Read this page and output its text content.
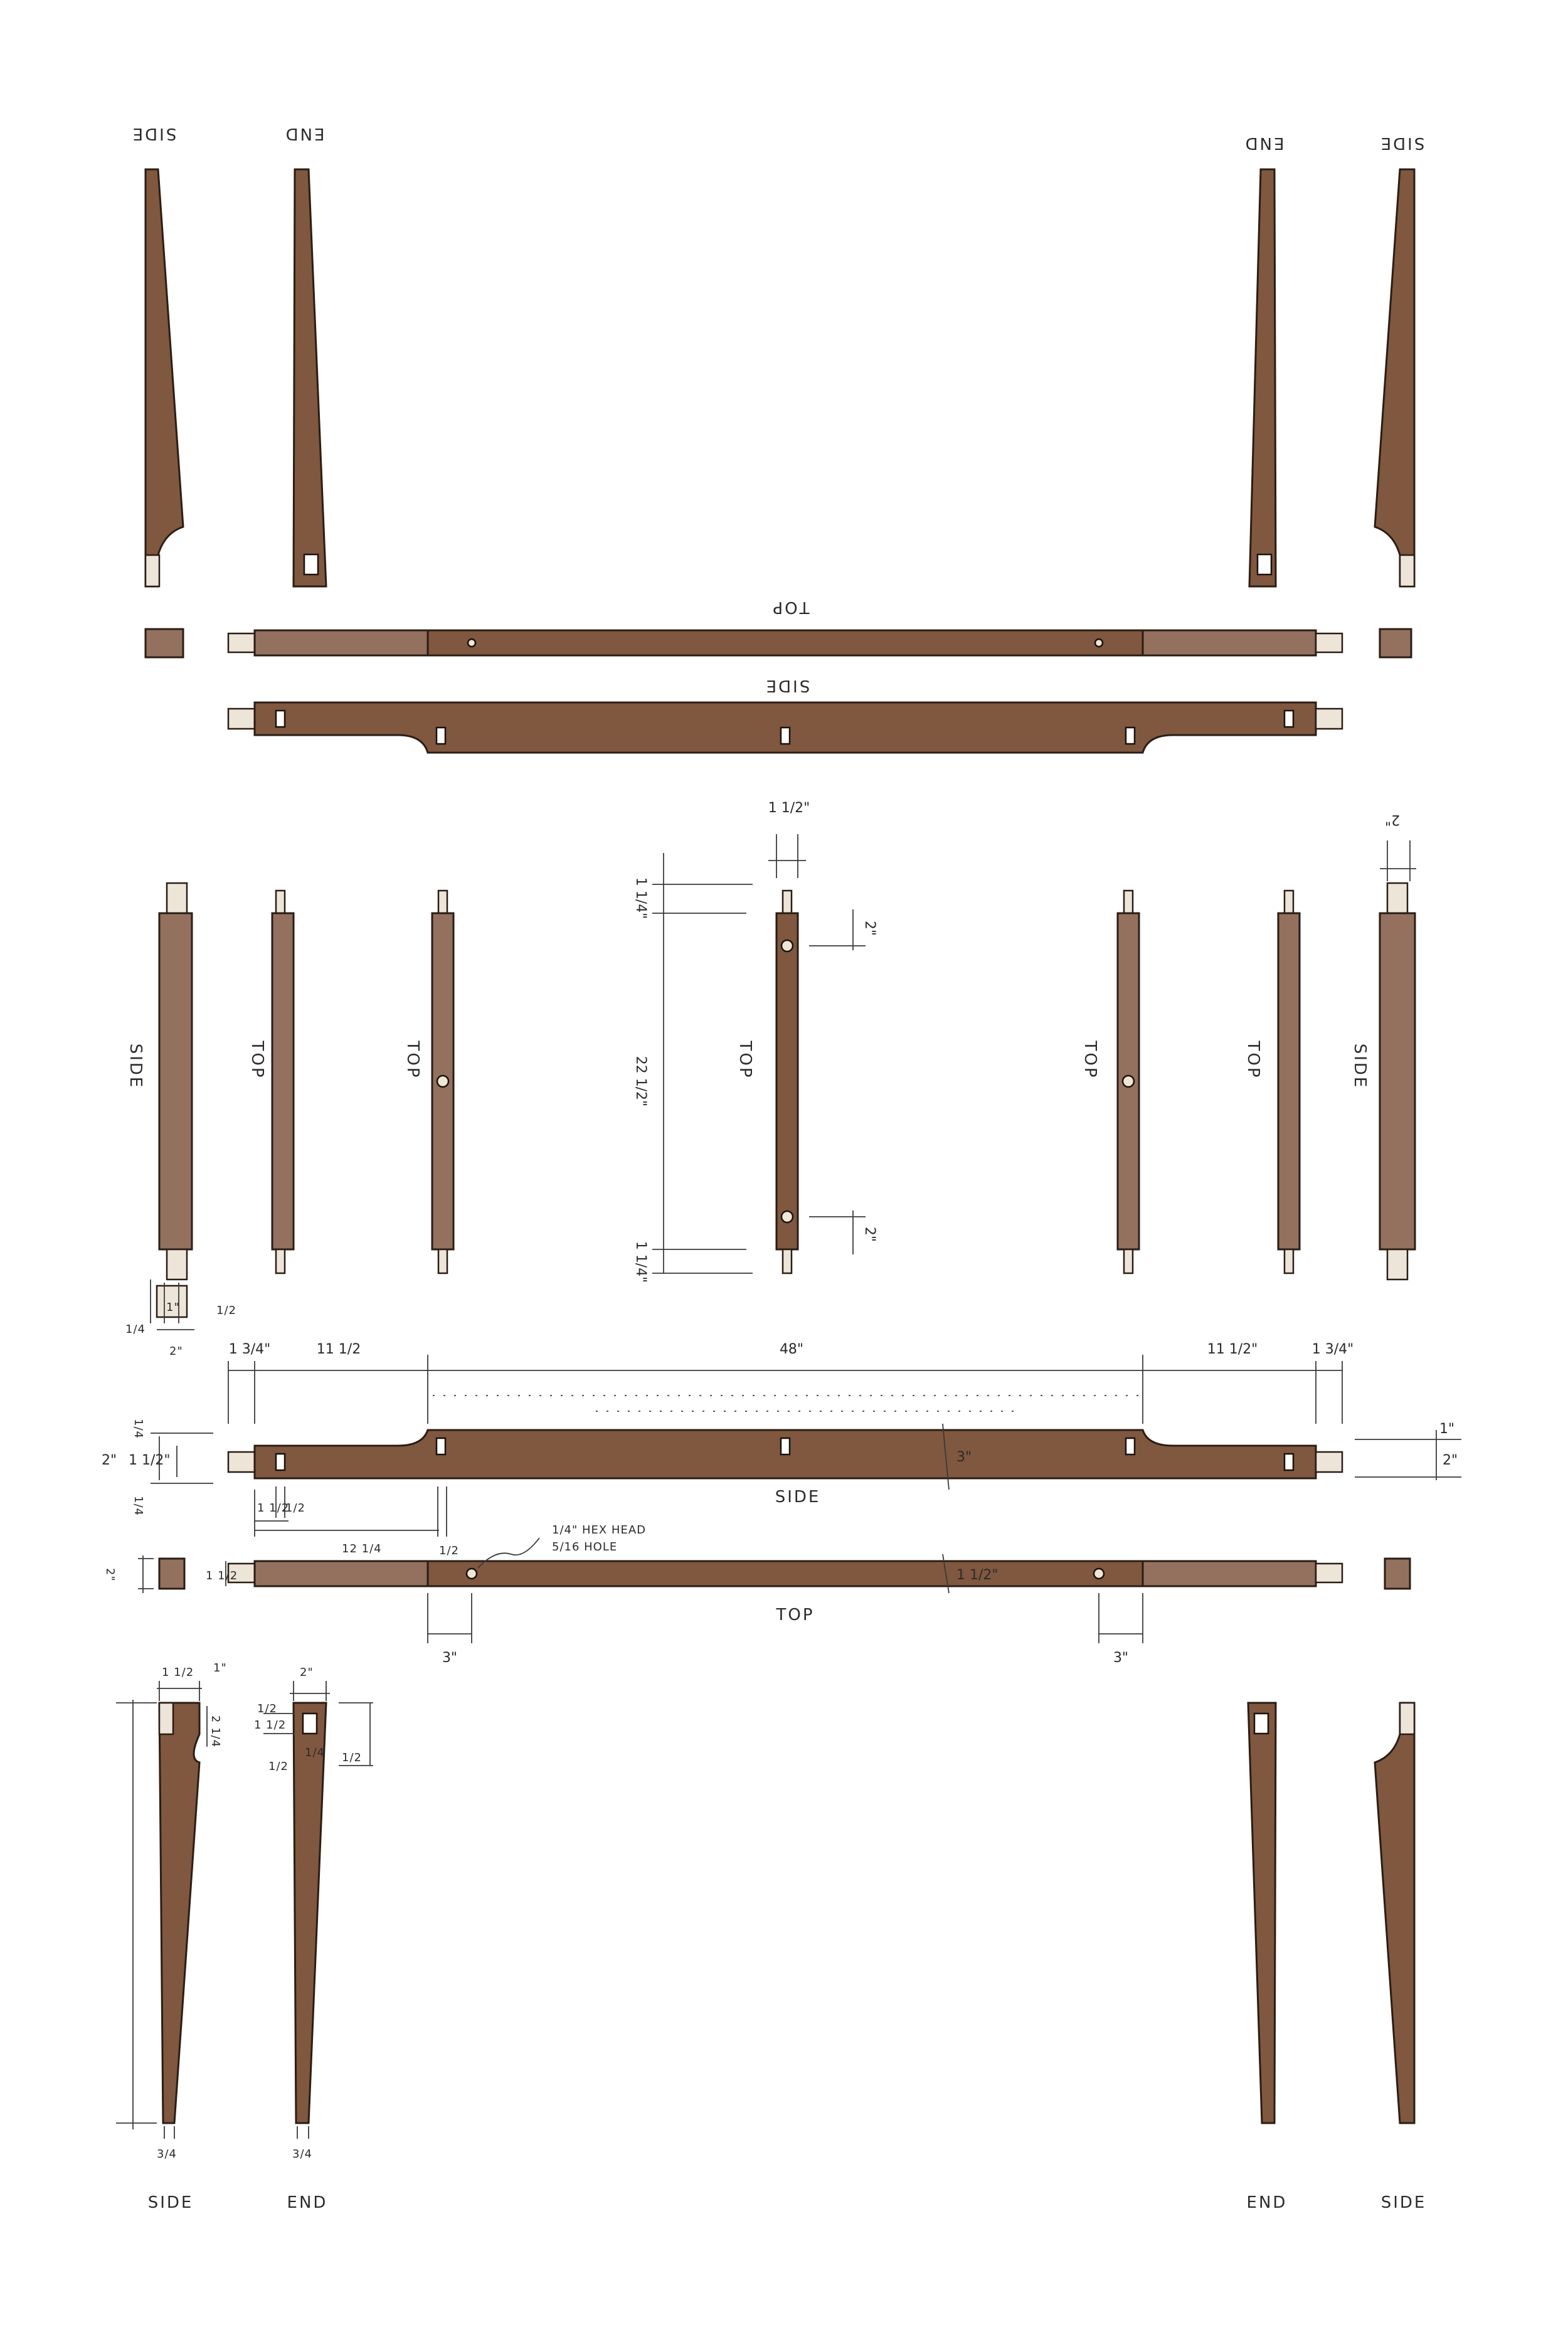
SIDE	END	END	SIDE
TOP
SIDE
SIDE	TOP	TOP	TOP	TOP	TOP	SIDE
1 1/2"
2"
1 1/4"
22 1/2"
1 1/4"
2"
2"
1/4
1"	1/2
2"	1 3/4"	11 1/2	48"	11 1/2"	1 3/4"
SIDE
2" 1 1/2"
1/4
1/4
3"
1 1/2
1/2
12 1/4	1/2
1"
2"
TOP
2"	1 1/2	1 1/2"
3"	3"
1/4" HEX HEAD
5/16 HOLE
1 1/2 1"
2 1/4
3/4
2"
1/2
1 1/2
1/4
1/2
1/2
3/4
SIDE	END	END	SIDE
